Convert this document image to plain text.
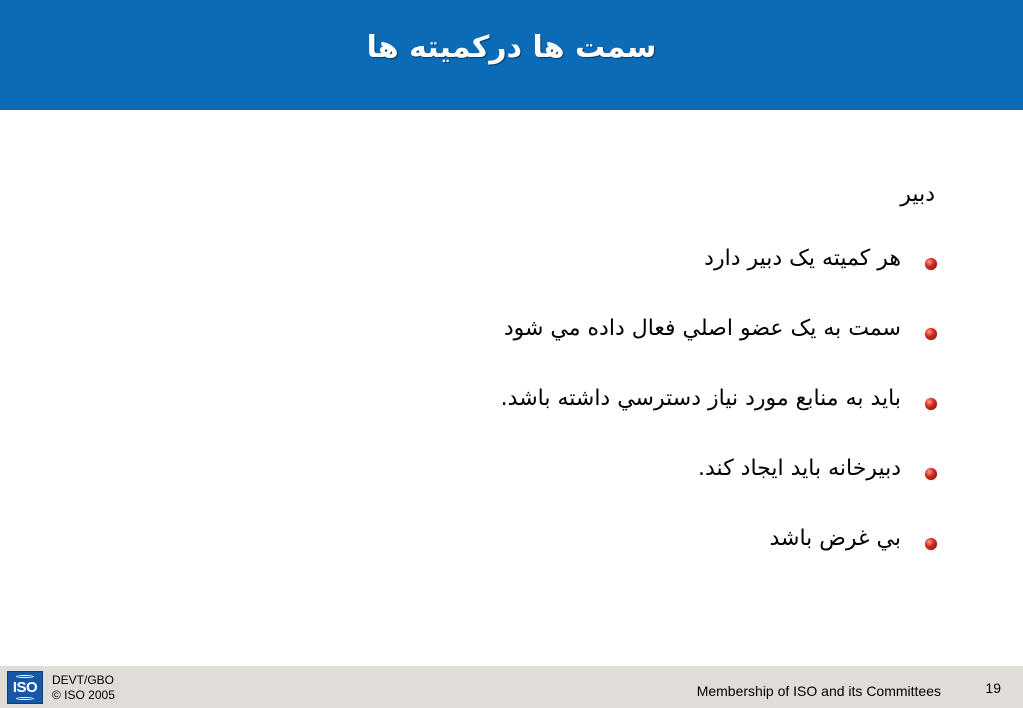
سمت ها درکميته ها
دبير
هر کميته يک دبير دارد
سمت به يک عضو اصلي فعال داده مي شود
بايد به منابع مورد نياز دسترسي داشته باشد.
دبيرخانه بايد ايجاد کند.
بي غرض باشد
ISO	DEVT/GBO
© ISO 2005	Membership of ISO and its Committees	19
